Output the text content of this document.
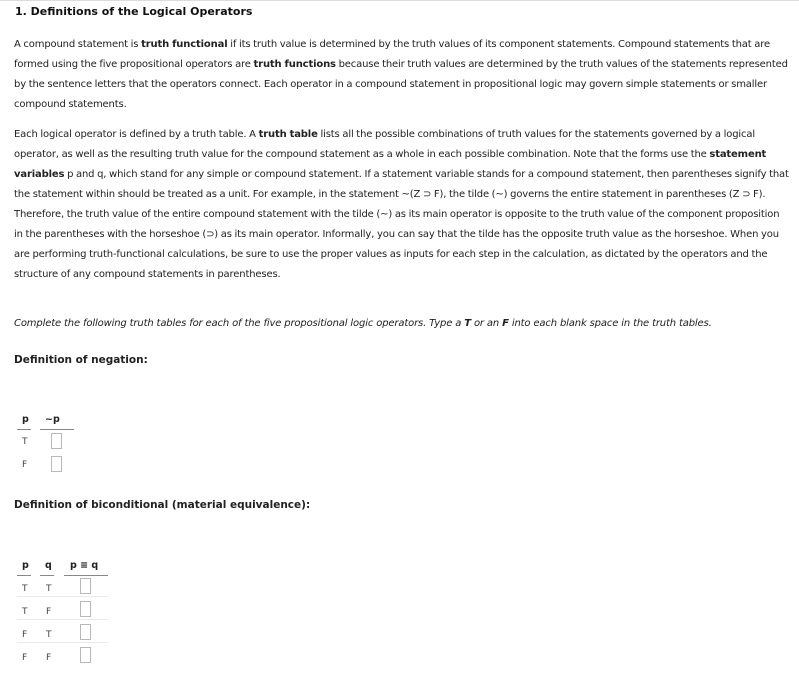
1. Definitions of the Logical Operators
A compound statement is truth functional if its truth value is determined by the truth values of its component statements. Compound statements that are formed using the five propositional operators are truth functions because their truth values are determined by the truth values of the statements represented by the sentence letters that the operators connect. Each operator in a compound statement in propositional logic may govern simple statements or smaller compound statements.
Each logical operator is defined by a truth table. A truth table lists all the possible combinations of truth values for the statements governed by a logical operator, as well as the resulting truth value for the compound statement as a whole in each possible combination. Note that the forms use the statement variables p and q, which stand for any simple or compound statement. If a statement variable stands for a compound statement, then parentheses signify that the statement within should be treated as a unit. For example, in the statement ~(Z ⊃ F), the tilde (~) governs the entire statement in parentheses (Z ⊃ F). Therefore, the truth value of the entire compound statement with the tilde (~) as its main operator is opposite to the truth value of the component proposition in the parentheses with the horseshoe (⊃) as its main operator. Informally, you can say that the tilde has the opposite truth value as the horseshoe. When you are performing truth-functional calculations, be sure to use the proper values as inputs for each step in the calculation, as dictated by the operators and the structure of any compound statements in parentheses.
Complete the following truth tables for each of the five propositional logic operators. Type a T or an F into each blank space in the truth tables.
Definition of negation:
p ~p
T
F
Definition of biconditional (material equivalence):
p q p ≡ q
T T
T F
F T
F F
